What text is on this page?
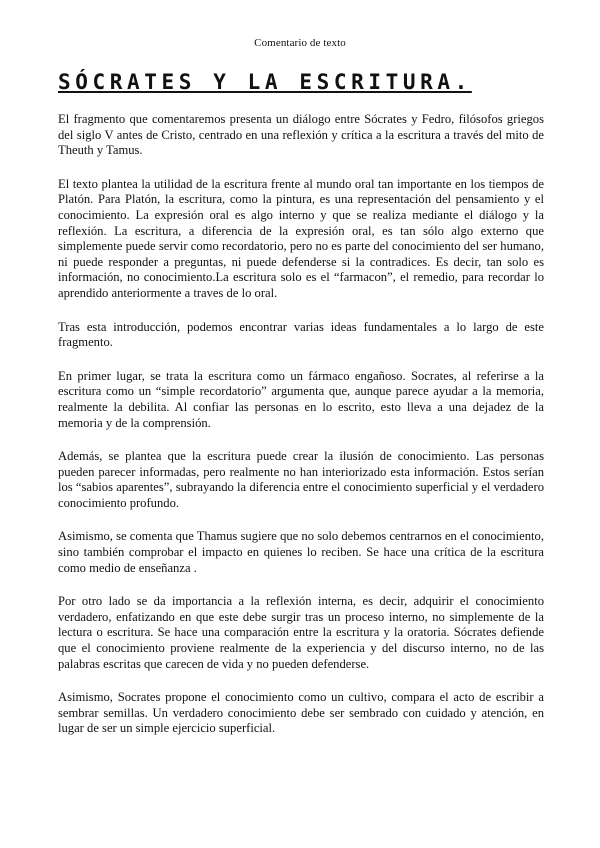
Comentario de texto
SÓCRATES Y LA ESCRITURA.

El fragmento que comentaremos presenta un diálogo entre Sócrates y Fedro, filósofos griegos del siglo V antes de Cristo, centrado en una reflexión y crítica a la escritura a través del mito de Theuth y Tamus.

El texto plantea la utilidad de la escritura frente al mundo oral tan importante en los tiempos de Platón. Para Platón, la escritura, como la pintura, es una representación del pensamiento y el conocimiento. La expresión oral es algo interno y que se realiza mediante el diálogo y la reflexión. La escritura, a diferencia de la expresión oral, es tan sólo algo externo que simplemente puede servir como recordatorio, pero no es parte del conocimiento del ser humano, ni puede responder a preguntas, ni puede defenderse si la contradices. Es decir, tan solo es información, no conocimiento.La escritura solo es el “farmacon”, el remedio, para recordar lo aprendido anteriormente a traves de lo oral.

Tras esta introducción, podemos encontrar varias ideas fundamentales a lo largo de este fragmento.

En primer lugar, se trata la escritura como un fármaco engañoso. Socrates, al referirse a la escritura como un “simple recordatorio” argumenta que, aunque parece ayudar a la memoria, realmente la debilita. Al confiar las personas en lo escrito, esto lleva a una dejadez de la memoria y de la comprensión.

Además, se plantea que la escritura puede crear la ilusión de conocimiento. Las personas pueden parecer informadas, pero realmente no han interiorizado esta información. Estos serían los “sabios aparentes”, subrayando la diferencia entre el conocimiento superficial y el verdadero conocimiento profundo.

Asimismo, se comenta que Thamus sugiere que no solo debemos centrarnos en el conocimiento, sino también comprobar el impacto en quienes lo reciben. Se hace una crítica de la escritura como medio de enseñanza .

Por otro lado se da importancia a la reflexión interna, es decir, adquirir el conocimiento verdadero, enfatizando en que este debe surgir tras un proceso interno, no simplemente de la lectura o escritura. Se hace una comparación entre la escritura y la oratoria. Sócrates defiende que el conocimiento proviene realmente de la experiencia y del discurso interno, no de las palabras escritas que carecen de vida y no pueden defenderse.

Asimismo, Socrates propone el conocimiento como un cultivo, compara el acto de escribir a sembrar semillas. Un verdadero conocimiento debe ser sembrado con cuidado y atención, en lugar de ser un simple ejercicio superficial.
